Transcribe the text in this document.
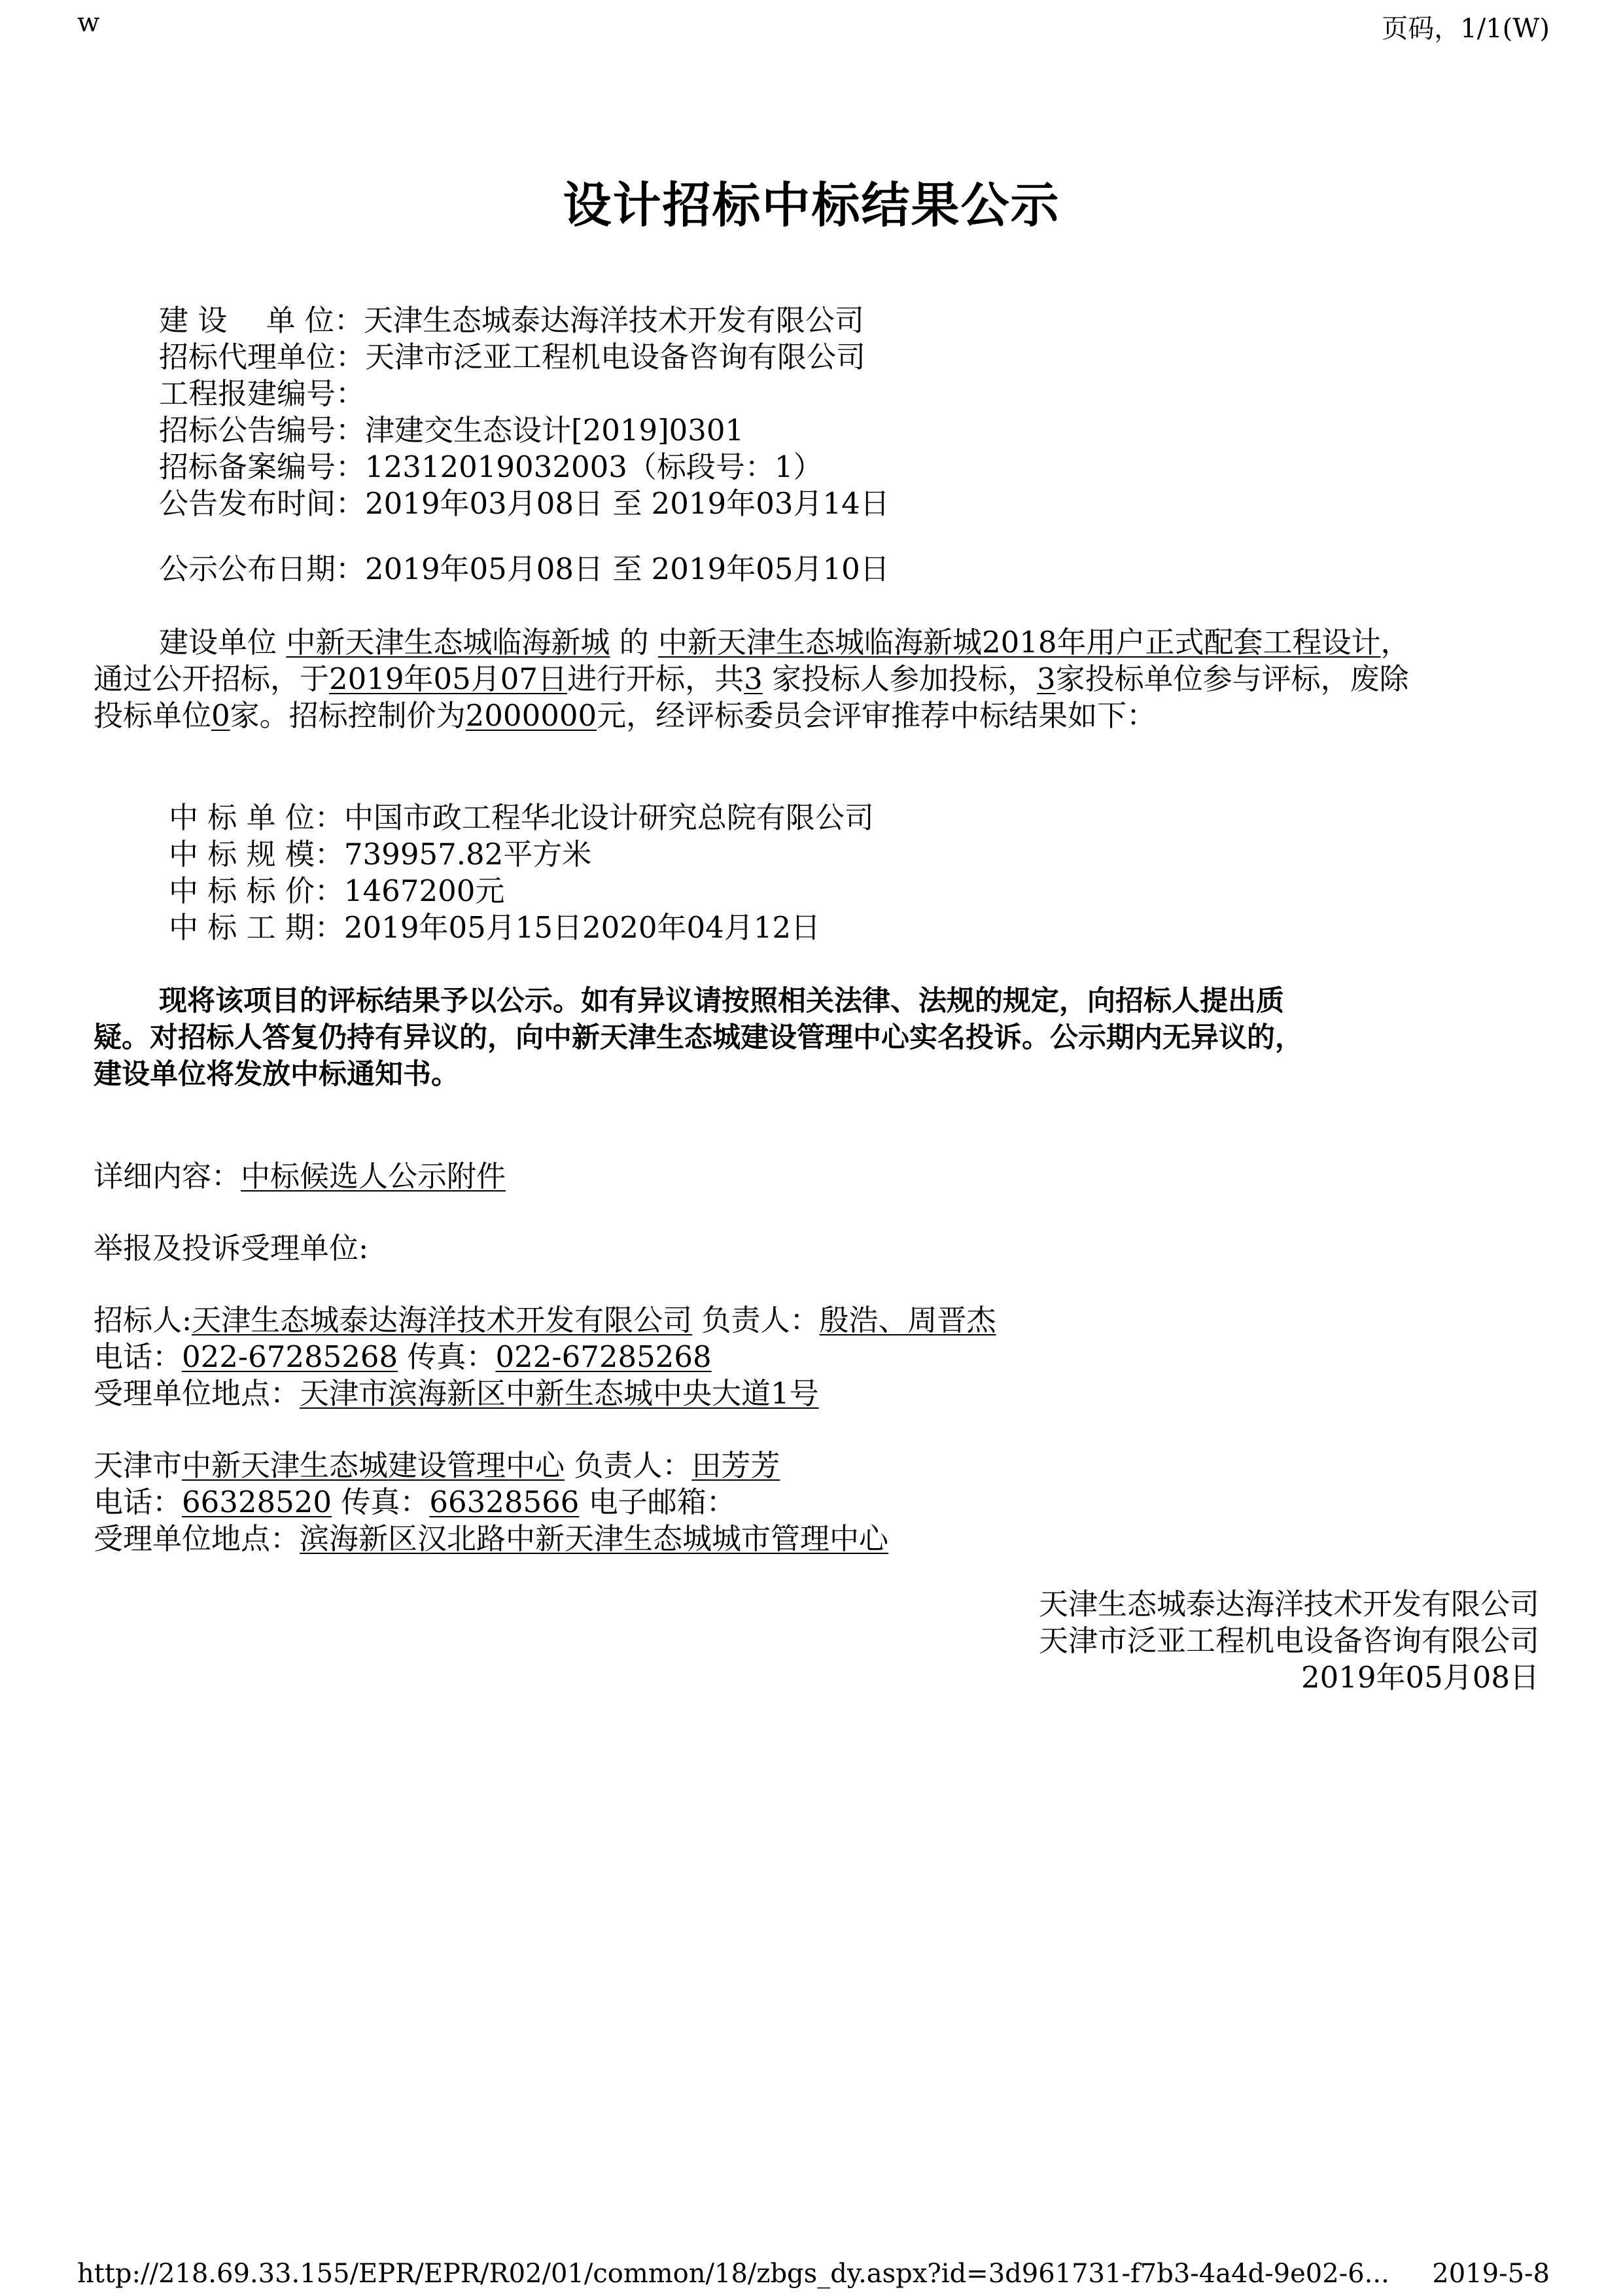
w	页码，1/1(W)
设计招标中标结果公示
建 设　 单 位：天津生态城泰达海洋技术开发有限公司
招标代理单位：天津市泛亚工程机电设备咨询有限公司
工程报建编号：
招标公告编号：津建交生态设计[2019]0301
招标备案编号：12312019032003（标段号：1）
公告发布时间：2019年03月08日 至 2019年03月14日
公示公布日期：2019年05月08日 至 2019年05月10日
建设单位 中新天津生态城临海新城 的 中新天津生态城临海新城2018年用户正式配套工程设计，
通过公开招标，于2019年05月07日进行开标，共3 家投标人参加投标，3家投标单位参与评标，废除
投标单位0家。招标控制价为2000000元，经评标委员会评审推荐中标结果如下：
中 标 单 位：中国市政工程华北设计研究总院有限公司
中 标 规 模：739957.82平方米
中 标 标 价：1467200元
中 标 工 期：2019年05月15日2020年04月12日
现将该项目的评标结果予以公示。如有异议请按照相关法律、法规的规定，向招标人提出质
疑。对招标人答复仍持有异议的，向中新天津生态城建设管理中心实名投诉。公示期内无异议的，
建设单位将发放中标通知书。
详细内容：中标候选人公示附件
举报及投诉受理单位:
招标人:天津生态城泰达海洋技术开发有限公司 负责人：殷浩、周晋杰
电话：022-67285268 传真：022-67285268
受理单位地点：天津市滨海新区中新生态城中央大道1号
天津市中新天津生态城建设管理中心 负责人：田芳芳
电话：66328520 传真：66328566 电子邮箱：
受理单位地点：滨海新区汉北路中新天津生态城城市管理中心
天津生态城泰达海洋技术开发有限公司
天津市泛亚工程机电设备咨询有限公司
2019年05月08日
http://218.69.33.155/EPR/EPR/R02/01/common/18/zbgs_dy.aspx?id=3d961731-f7b3-4a4d-9e02-6... 2019-5-8
